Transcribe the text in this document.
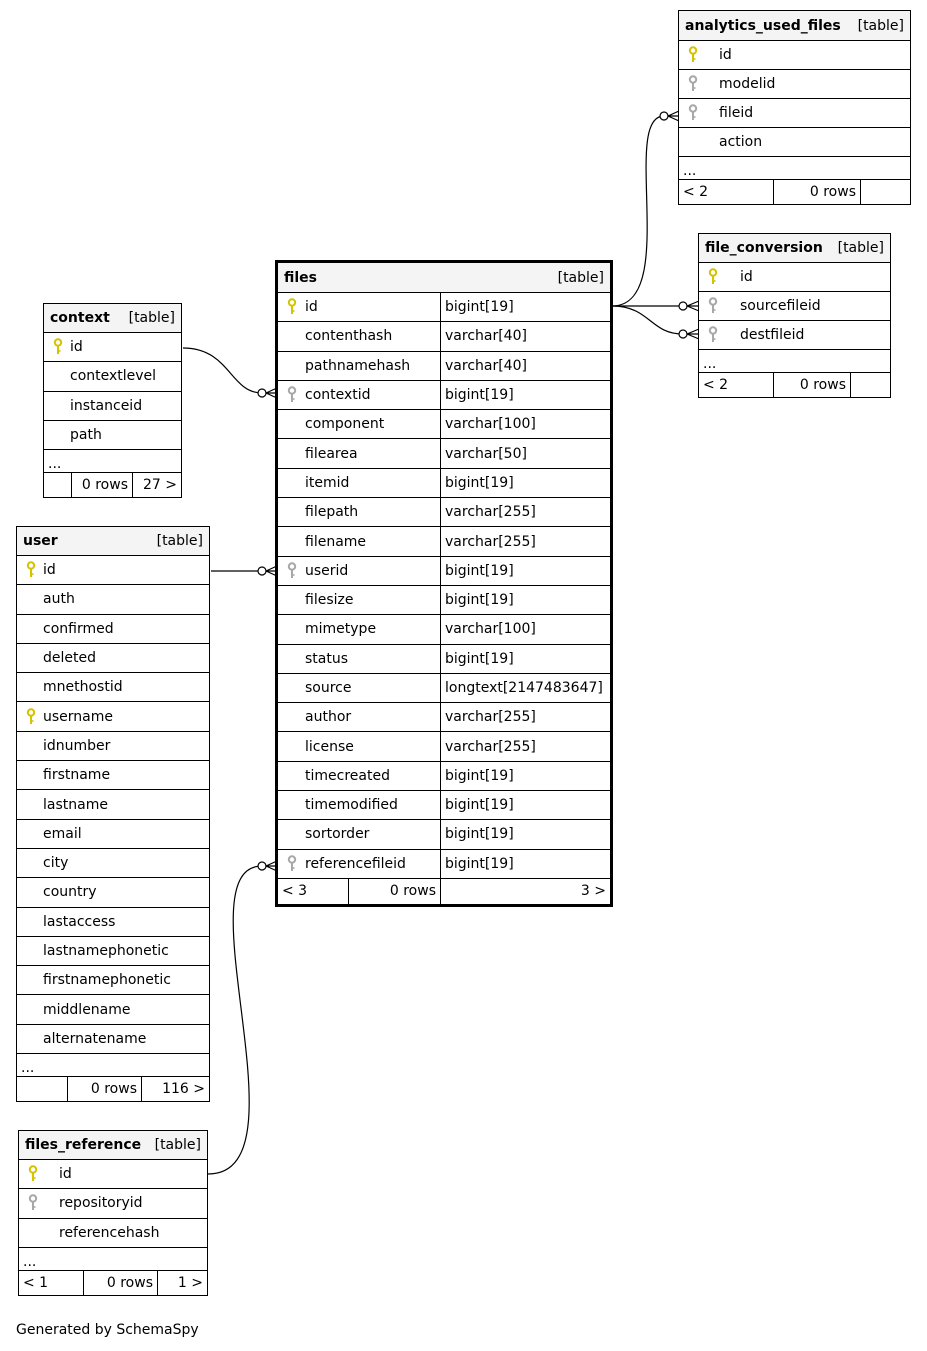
analytics_used_files [table]
id
modelid
fileid
action
...
< 2	0 rows
file_conversion [table]
id
sourcefileid
destfileid
...
< 2	0 rows
files	[table]
id	bigint[19]
contenthash	varchar[40]
pathnamehash	varchar[40]
contextid	bigint[19]
component	varchar[100]
filearea	varchar[50]
itemid	bigint[19]
filepath	varchar[255]
filename	varchar[255]
userid	bigint[19]
filesize	bigint[19]
mimetype	varchar[100]
status	bigint[19]
source	longtext[2147483647]
author	varchar[255]
license	varchar[255]
timecreated	bigint[19]
timemodified	bigint[19]
sortorder	bigint[19]
referencefileid	bigint[19]
< 3	0 rows	3 >
context [table]
id
contextlevel
instanceid
path
...
0 rows	27 >
user	[table]
id
auth
confirmed
deleted
mnethostid
username
idnumber
firstname
lastname
email
city
country
lastaccess
lastnamephonetic
firstnamephonetic
middlename
alternatename
...
0 rows	116 >
files_reference [table]
id
repositoryid
referencehash
...
< 1	0 rows	1 >
Generated by SchemaSpy
